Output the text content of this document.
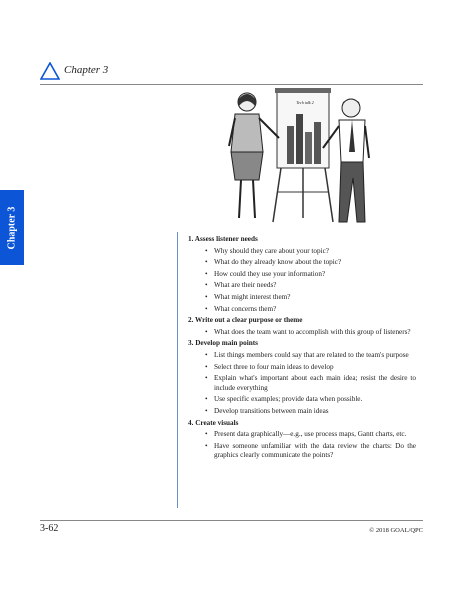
Chapter 3
Chapter 3
Tech talk 2
1. Assess listener needs
• Why should they care about your topic?
• What do they already know about the topic?
• How could they use your information?
• What are their needs?
• What might interest them?
• What concerns them?
2. Write out a clear purpose or theme
• What does the team want to accomplish with this group of listeners?
3. Develop main points
• List things members could say that are related to the team's purpose
• Select three to four main ideas to develop
• Explain what's important about each main idea; resist the desire to include everything
• Use specific examples; provide data when possible.
• Develop transitions between main ideas
4. Create visuals
• Present data graphically—e.g., use process maps, Gantt charts, etc.
• Have someone unfamiliar with the data review the charts: Do the graphics clearly communicate the points?
3-62	© 2018 GOAL/QPC
